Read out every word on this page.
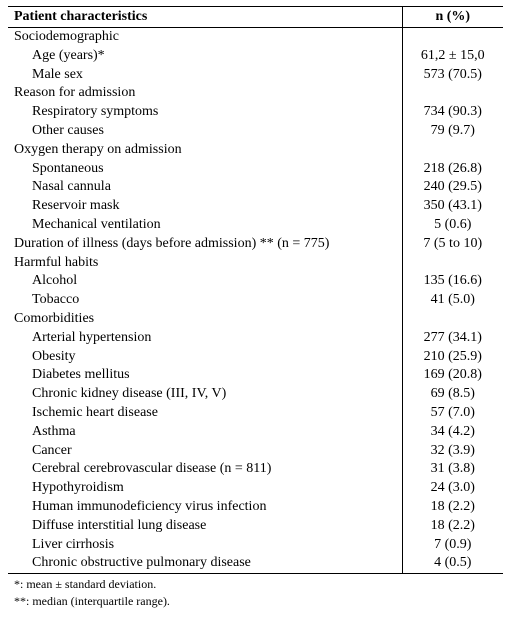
Patient characteristics	n (%)
Sociodemographic	
Age (years)*	61,2 ± 15,0
Male sex	573 (70.5)
Reason for admission	
Respiratory symptoms	734 (90.3)
Other causes	79 (9.7)
Oxygen therapy on admission	
Spontaneous	218 (26.8)
Nasal cannula	240 (29.5)
Reservoir mask	350 (43.1)
Mechanical ventilation	5 (0.6)
Duration of illness (days before admission) ** (n = 775)	7 (5 to 10)
Harmful habits	
Alcohol	135 (16.6)
Tobacco	41 (5.0)
Comorbidities	
Arterial hypertension	277 (34.1)
Obesity	210 (25.9)
Diabetes mellitus	169 (20.8)
Chronic kidney disease (III, IV, V)	69 (8.5)
Ischemic heart disease	57 (7.0)
Asthma	34 (4.2)
Cancer	32 (3.9)
Cerebral cerebrovascular disease (n = 811)	31 (3.8)
Hypothyroidism	24 (3.0)
Human immunodeficiency virus infection	18 (2.2)
Diffuse interstitial lung disease	18 (2.2)
Liver cirrhosis	7 (0.9)
Chronic obstructive pulmonary disease	4 (0.5)
*: mean ± standard deviation.
**: median (interquartile range).
